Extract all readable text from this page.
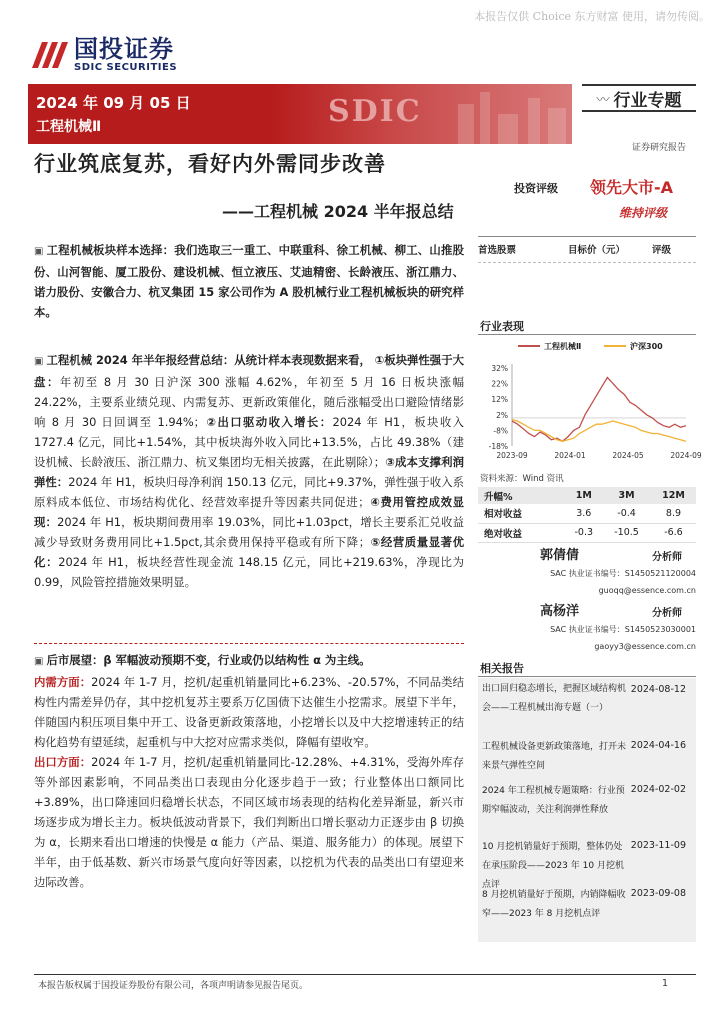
本报告仅供 Choice 东方财富 使用，请勿传阅。
国投证券
SDIC SECURITIES
SDIC
2024 年 09 月 05 日
工程机械Ⅱ
〰 行业专题
证券研究报告
行业筑底复苏，看好内外需同步改善
——工程机械 2024 半年报总结
投资评级 领先大市-A
维持评级
▣ 工程机械板块样本选择：我们选取三一重工、中联重科、徐工机械、柳工、山推股份、山河智能、厦工股份、建设机械、恒立液压、艾迪精密、长龄液压、浙江鼎力、诺力股份、安徽合力、杭叉集团 15 家公司作为 A 股机械行业工程机械板块的研究样本。
▣ 工程机械 2024 年半年报经营总结：从统计样本表现数据来看， ①板块弹性强于大盘：年初至 8 月 30 日沪深 300 涨幅 4.62%，年初至 5 月 16 日板块涨幅 24.22%，主要系业绩兑现、内需复苏、更新政策催化，随后涨幅受出口避险情绪影响 8 月 30 日回调至 1.94%；②出口驱动收入增长：2024 年 H1，板块收入 1727.4 亿元，同比+1.54%，其中板块海外收入同比+13.5%，占比 49.38%（建设机械、长龄液压、浙江鼎力、杭叉集团均无相关披露，在此剔除）；③成本支撑利润弹性：2024 年 H1，板块归母净利润 150.13 亿元，同比+9.37%，弹性强于收入系原料成本低位、市场结构优化、经营效率提升等因素共同促进；④费用管控成效显现：2024 年 H1，板块期间费用率 19.03%，同比+1.03pct，增长主要系汇兑收益减少导致财务费用同比+1.5pct,其余费用保持平稳或有所下降；⑤经营质量显著优化：2024 年 H1，板块经营性现金流 148.15 亿元，同比+219.63%，净现比为 0.99，风险管控措施效果明显。
▣ 后市展望：β 军幅波动预期不变，行业或仍以结构性 α 为主线。
内需方面：2024 年 1-7 月，挖机/起重机销量同比+6.23%、-20.57%，不同品类结构性内需差异仍存，其中挖机复苏主要系万亿国债下达催生小挖需求。展望下半年，伴随国内积压项目集中开工、设备更新政策落地，小挖增长以及中大挖增速转正的结构化趋势有望延续，起重机与中大挖对应需求类似，降幅有望收窄。
出口方面：2024 年 1-7 月，挖机/起重机销量同比-12.28%、+4.31%，受海外库存等外部因素影响，不同品类出口表现由分化逐步趋于一致；行业整体出口额同比+3.89%，出口降速回归稳增长状态，不同区域市场表现的结构化差异渐显，新兴市场逐步成为增长主力。板块低波动背景下，我们判断出口增长驱动力正逐步由 β 切换为 α，长期来看出口增速的快慢是 α 能力（产品、渠道、服务能力）的体现。展望下半年，由于低基数、新兴市场景气度向好等因素，以挖机为代表的品类出口有望迎来边际改善。
首选股票	目标价（元）	评级
行业表现
工程机械Ⅱ	沪深300
32%
22%
12%
2%
-8%
-18%
2023-09	2024-01	2024-05	2024-09
资料来源：Wind 资讯
升幅%	1M	3M	12M
相对收益	3.6	-0.4	8.9
绝对收益	-0.3	-10.5	-6.6
郭倩倩	分析师
SAC 执业证书编号：S1450521120004
guoqq@essence.com.cn
高杨洋	分析师
SAC 执业证书编号：S1450523030001
gaoyy3@essence.com.cn
相关报告
出口回归稳态增长，把握区域结构机会——工程机械出海专题（一）
2024-08-12
工程机械设备更新政策落地，打开未来景气弹性空间
2024-04-16
2024 年工程机械专题策略：行业预期窄幅波动，关注利润弹性释放
2024-02-02
10 月挖机销量好于预期，整体仍处在承压阶段——2023 年 10 月挖机点评
2023-11-09
8 月挖机销量好于预期，内销降幅收窄——2023 年 8 月挖机点评
2023-09-08
本报告版权属于国投证券股份有限公司，各项声明请参见报告尾页。	1
